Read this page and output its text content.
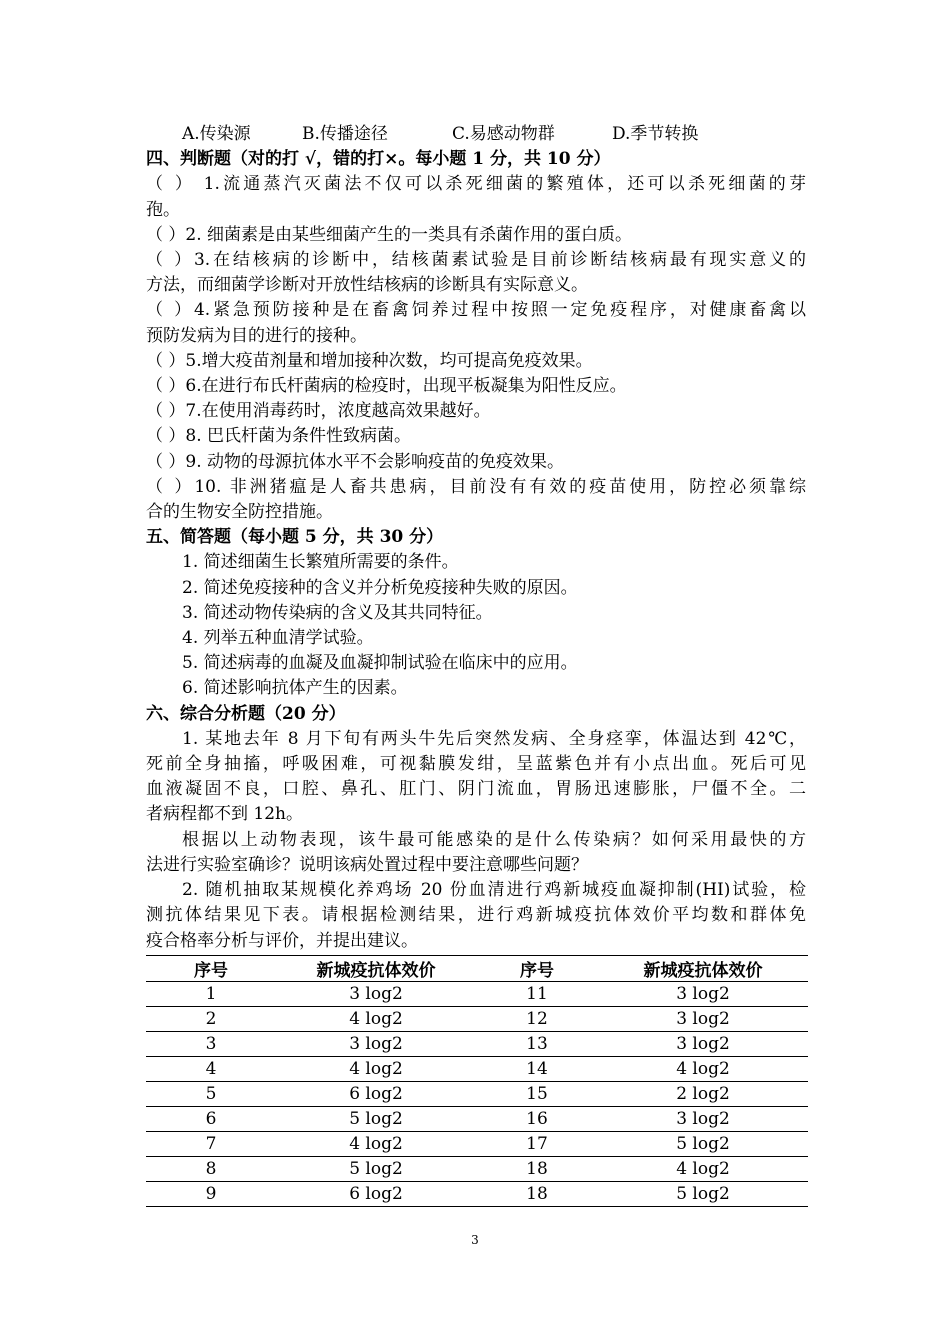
A.传染源	B.传播途径	C.易感动物群	D.季节转换
四、判断题（对的打 √，错的打×。每小题 1 分，共 10 分）
（ ） 1.流通蒸汽灭菌法不仅可以杀死细菌的繁殖体，还可以杀死细菌的芽
孢。
（ ）2. 细菌素是由某些细菌产生的一类具有杀菌作用的蛋白质。
（ ）3.在结核病的诊断中，结核菌素试验是目前诊断结核病最有现实意义的
方法，而细菌学诊断对开放性结核病的诊断具有实际意义。
（ ）4.紧急预防接种是在畜禽饲养过程中按照一定免疫程序，对健康畜禽以
预防发病为目的进行的接种。
（ ）5.增大疫苗剂量和增加接种次数，均可提高免疫效果。
（ ）6.在进行布氏杆菌病的检疫时，出现平板凝集为阳性反应。
（ ）7.在使用消毒药时，浓度越高效果越好。
（ ）8. 巴氏杆菌为条件性致病菌。
（ ）9. 动物的母源抗体水平不会影响疫苗的免疫效果。
（ ）10. 非洲猪瘟是人畜共患病，目前没有有效的疫苗使用，防控必须靠综
合的生物安全防控措施。
五、简答题（每小题 5 分，共 30 分）
1. 简述细菌生长繁殖所需要的条件。
2. 简述免疫接种的含义并分析免疫接种失败的原因。
3. 简述动物传染病的含义及其共同特征。
4. 列举五种血清学试验。
5. 简述病毒的血凝及血凝抑制试验在临床中的应用。
6. 简述影响抗体产生的因素。
六、综合分析题（20 分）
1. 某地去年 8 月下旬有两头牛先后突然发病、全身痉挛，体温达到 42℃，
死前全身抽搐，呼吸困难，可视黏膜发绀，呈蓝紫色并有小点出血。死后可见
血液凝固不良，口腔、鼻孔、肛门、阴门流血，胃肠迅速膨胀，尸僵不全。二
者病程都不到 12h。
根据以上动物表现，该牛最可能感染的是什么传染病？如何采用最快的方
法进行实验室确诊？说明该病处置过程中要注意哪些问题？
2. 随机抽取某规模化养鸡场 20 份血清进行鸡新城疫血凝抑制(HI)试验，检
测抗体结果见下表。请根据检测结果，进行鸡新城疫抗体效价平均数和群体免
疫合格率分析与评价，并提出建议。
序号	新城疫抗体效价	序号	新城疫抗体效价
1	3 log2	11	3 log2
2	4 log2	12	3 log2
3	3 log2	13	3 log2
4	4 log2	14	4 log2
5	6 log2	15	2 log2
6	5 log2	16	3 log2
7	4 log2	17	5 log2
8	5 log2	18	4 log2
9	6 log2	18	5 log2
3
